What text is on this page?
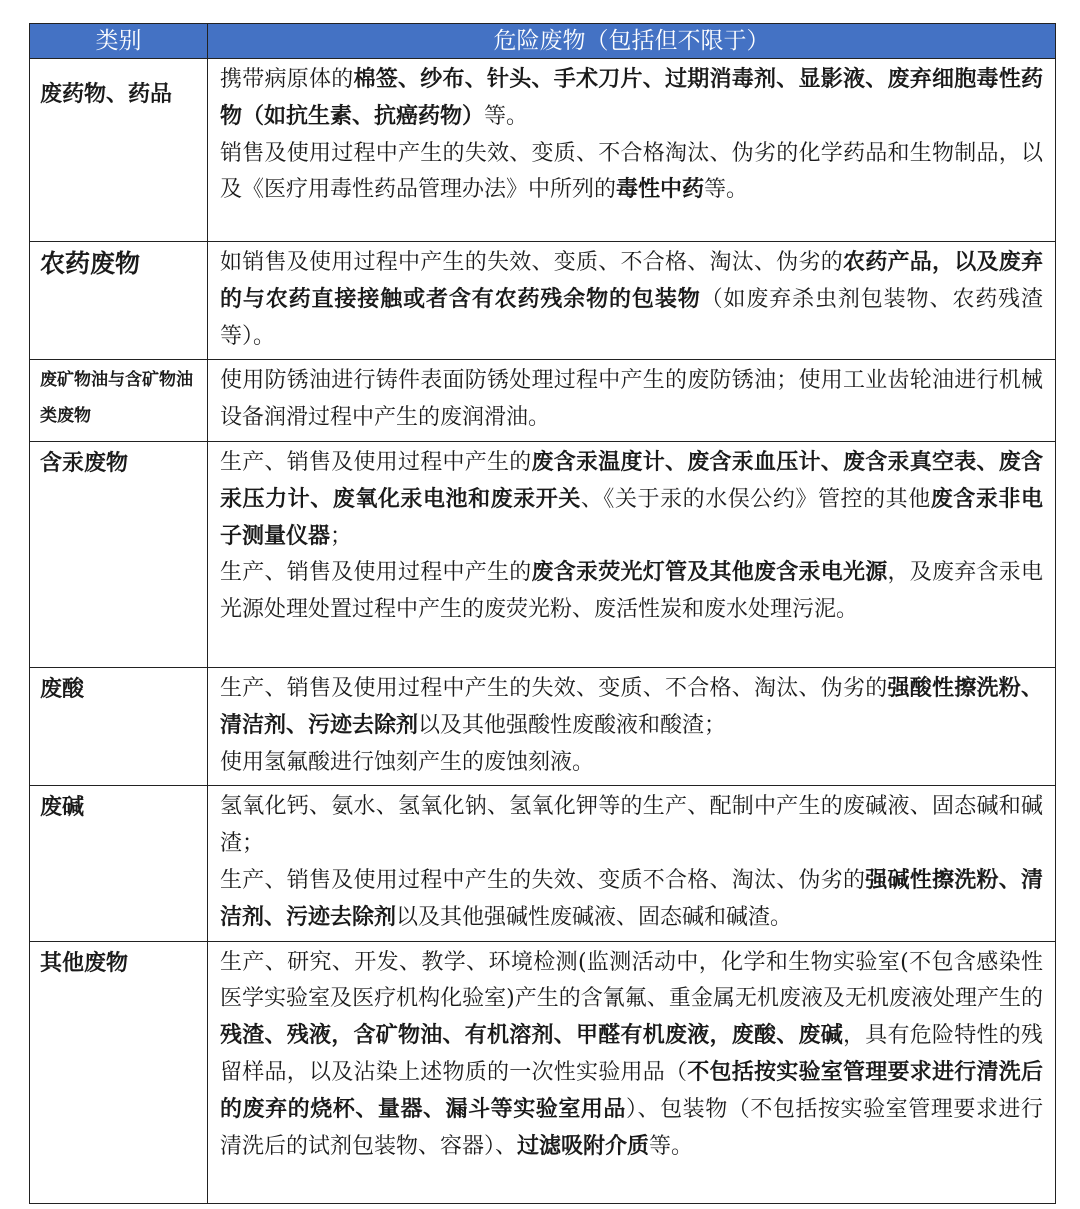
类别	危险废物（包括但不限于）
废药物、药品	携带病原体的棉签、纱布、针头、手术刀片、过期消毒剂、显影液、废弃细胞毒性药物（如抗生素、抗癌药物）等。

销售及使用过程中产生的失效、变质、不合格淘汰、伪劣的化学药品和生物制品，以及《医疗用毒性药品管理办法》中所列的毒性中药等。

农药废物	如销售及使用过程中产生的失效、变质、不合格、淘汰、伪劣的农药产品，以及废弃的与农药直接接触或者含有农药残余物的包装物（如废弃杀虫剂包装物、农药残渣等）。

废矿物油与含矿物油类废物	使用防锈油进行铸件表面防锈处理过程中产生的废防锈油；使用工业齿轮油进行机械设备润滑过程中产生的废润滑油。

含汞废物	生产、销售及使用过程中产生的废含汞温度计、废含汞血压计、废含汞真空表、废含汞压力计、废氧化汞电池和废汞开关、《关于汞的水俣公约》管控的其他废含汞非电子测量仪器；

生产、销售及使用过程中产生的废含汞荧光灯管及其他废含汞电光源，及废弃含汞电光源处理处置过程中产生的废荧光粉、废活性炭和废水处理污泥。

废酸	生产、销售及使用过程中产生的失效、变质、不合格、淘汰、伪劣的强酸性擦洗粉、清洁剂、污迹去除剂以及其他强酸性废酸液和酸渣；

使用氢氟酸进行蚀刻产生的废蚀刻液。

废碱	氢氧化钙、氨水、氢氧化钠、氢氧化钾等的生产、配制中产生的废碱液、固态碱和碱渣；

生产、销售及使用过程中产生的失效、变质不合格、淘汰、伪劣的强碱性擦洗粉、清洁剂、污迹去除剂以及其他强碱性废碱液、固态碱和碱渣。

其他废物	生产、研究、开发、教学、环境检测(监测活动中，化学和生物实验室(不包含感染性医学实验室及医疗机构化验室)产生的含氰氟、重金属无机废液及无机废液处理产生的残渣、残液，含矿物油、有机溶剂、甲醛有机废液，废酸、废碱，具有危险特性的残留样品，以及沾染上述物质的一次性实验用品（不包括按实验室管理要求进行清洗后的废弃的烧杯、量器、漏斗等实验室用品）、包装物（不包括按实验室管理要求进行清洗后的试剂包装物、容器）、过滤吸附介质等。
